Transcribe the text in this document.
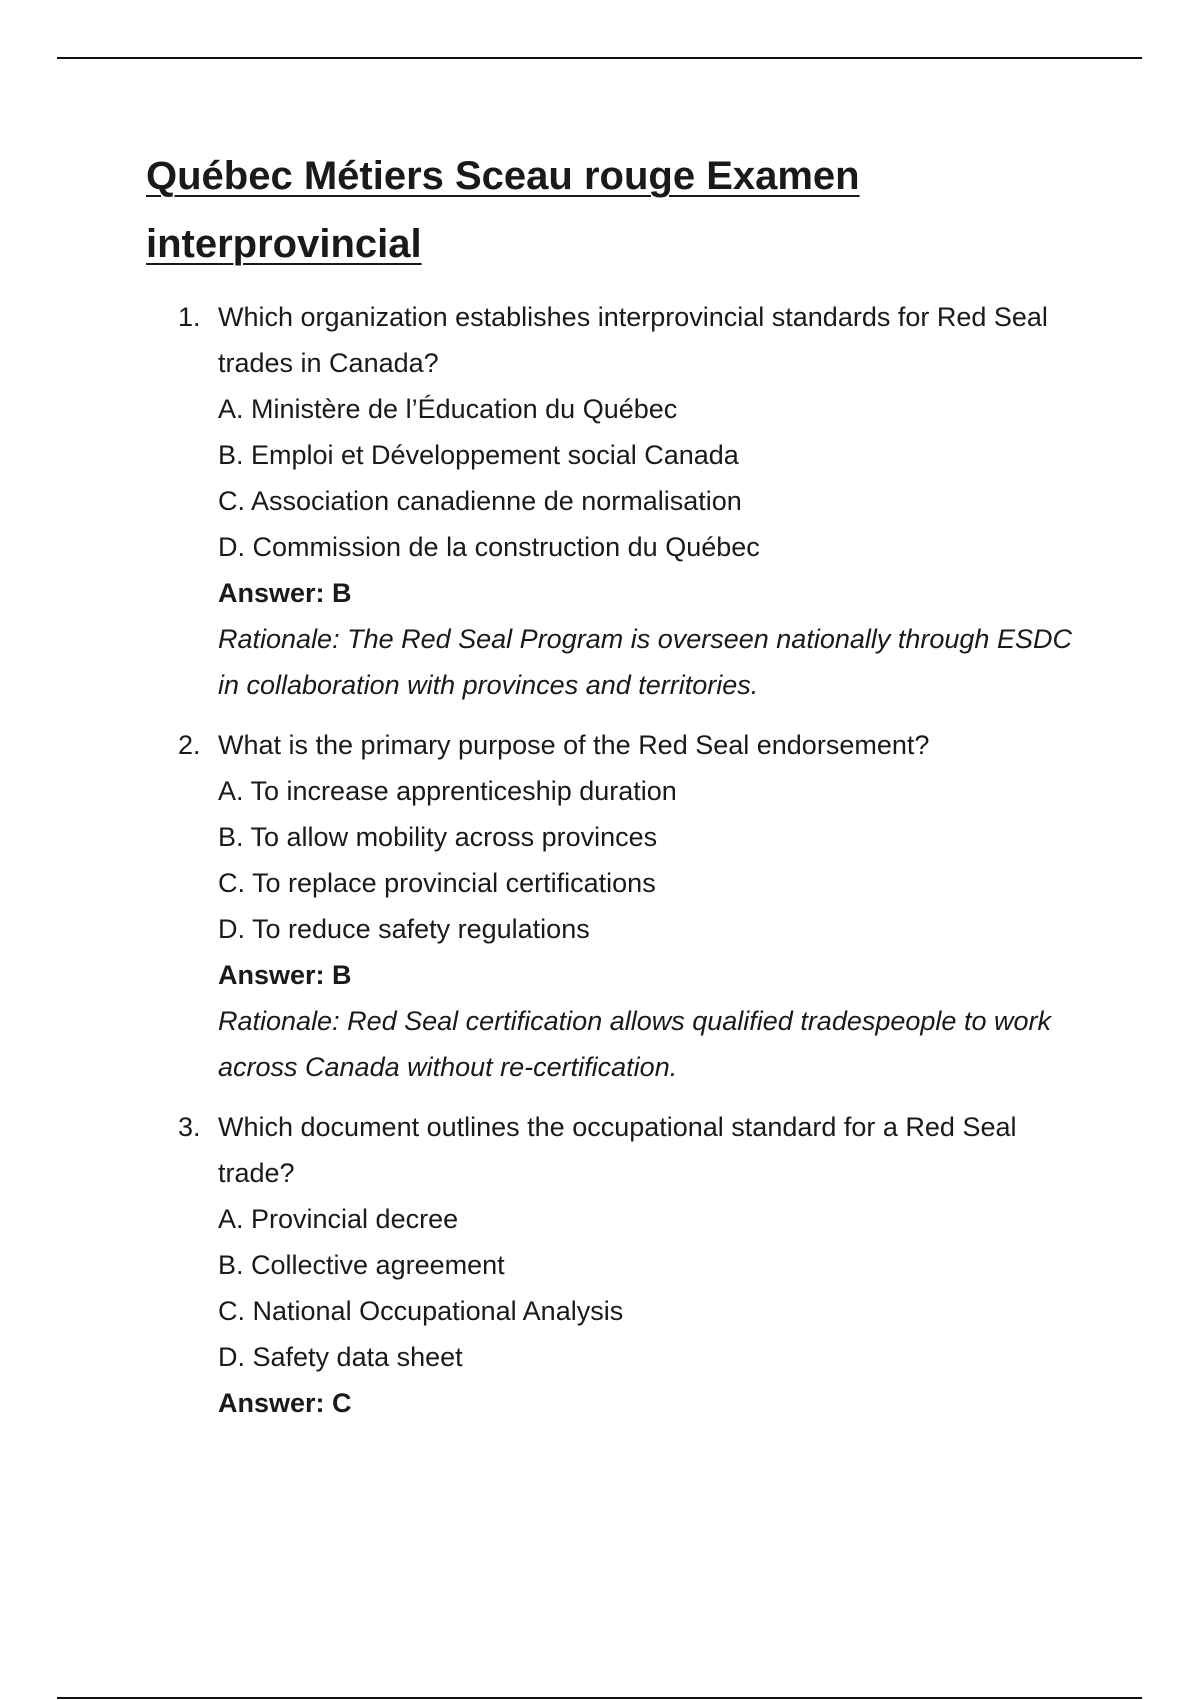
Québec Métiers Sceau rouge Examen interprovincial
1. Which organization establishes interprovincial standards for Red Seal trades in Canada?
A. Ministère de l’Éducation du Québec
B. Emploi et Développement social Canada
C. Association canadienne de normalisation
D. Commission de la construction du Québec
Answer: B
Rationale: The Red Seal Program is overseen nationally through ESDC in collaboration with provinces and territories.
2. What is the primary purpose of the Red Seal endorsement?
A. To increase apprenticeship duration
B. To allow mobility across provinces
C. To replace provincial certifications
D. To reduce safety regulations
Answer: B
Rationale: Red Seal certification allows qualified tradespeople to work across Canada without re-certification.
3. Which document outlines the occupational standard for a Red Seal trade?
A. Provincial decree
B. Collective agreement
C. National Occupational Analysis
D. Safety data sheet
Answer: C
